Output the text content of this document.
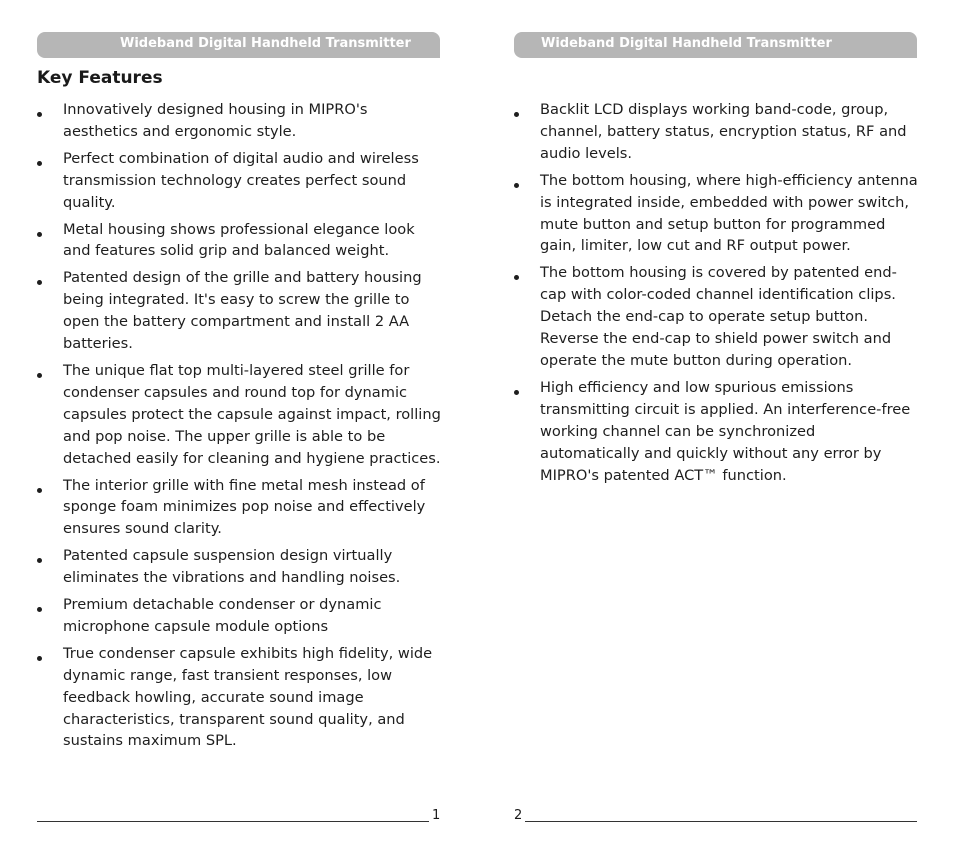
Wideband Digital Handheld Transmitter
Key Features
Innovatively designed housing in MIPRO's aesthetics and ergonomic style.
Perfect combination of digital audio and wireless transmission technology creates perfect sound quality.
Metal housing shows professional elegance look and features solid grip and balanced weight.
Patented design of the grille and battery housing being integrated. It's easy to screw the grille to open the battery compartment and install 2 AA batteries.
The unique flat top multi-layered steel grille for condenser capsules and round top for dynamic capsules protect the capsule against impact, rolling and pop noise. The upper grille is able to be detached easily for cleaning and hygiene practices.
The interior grille with fine metal mesh instead of sponge foam minimizes pop noise and effectively ensures sound clarity.
Patented capsule suspension design virtually eliminates the vibrations and handling noises.
Premium detachable condenser or dynamic microphone capsule module options
True condenser capsule exhibits high fidelity, wide dynamic range, fast transient responses, low feedback howling, accurate sound image characteristics, transparent sound quality, and sustains maximum SPL.
1
Wideband Digital Handheld Transmitter
Backlit LCD displays working band-code, group, channel, battery status, encryption status, RF and audio levels.
The bottom housing, where high-efficiency antenna is integrated inside, embedded with power switch, mute button and setup button for programmed gain, limiter, low cut and RF output power.
The bottom housing is covered by patented end-cap with color-coded channel identification clips. Detach the end-cap to operate setup button. Reverse the end-cap to shield power switch and operate the mute button during operation.
High efficiency and low spurious emissions transmitting circuit is applied. An interference-free working channel can be synchronized automatically and quickly without any error by MIPRO's patented ACT™ function.
2
